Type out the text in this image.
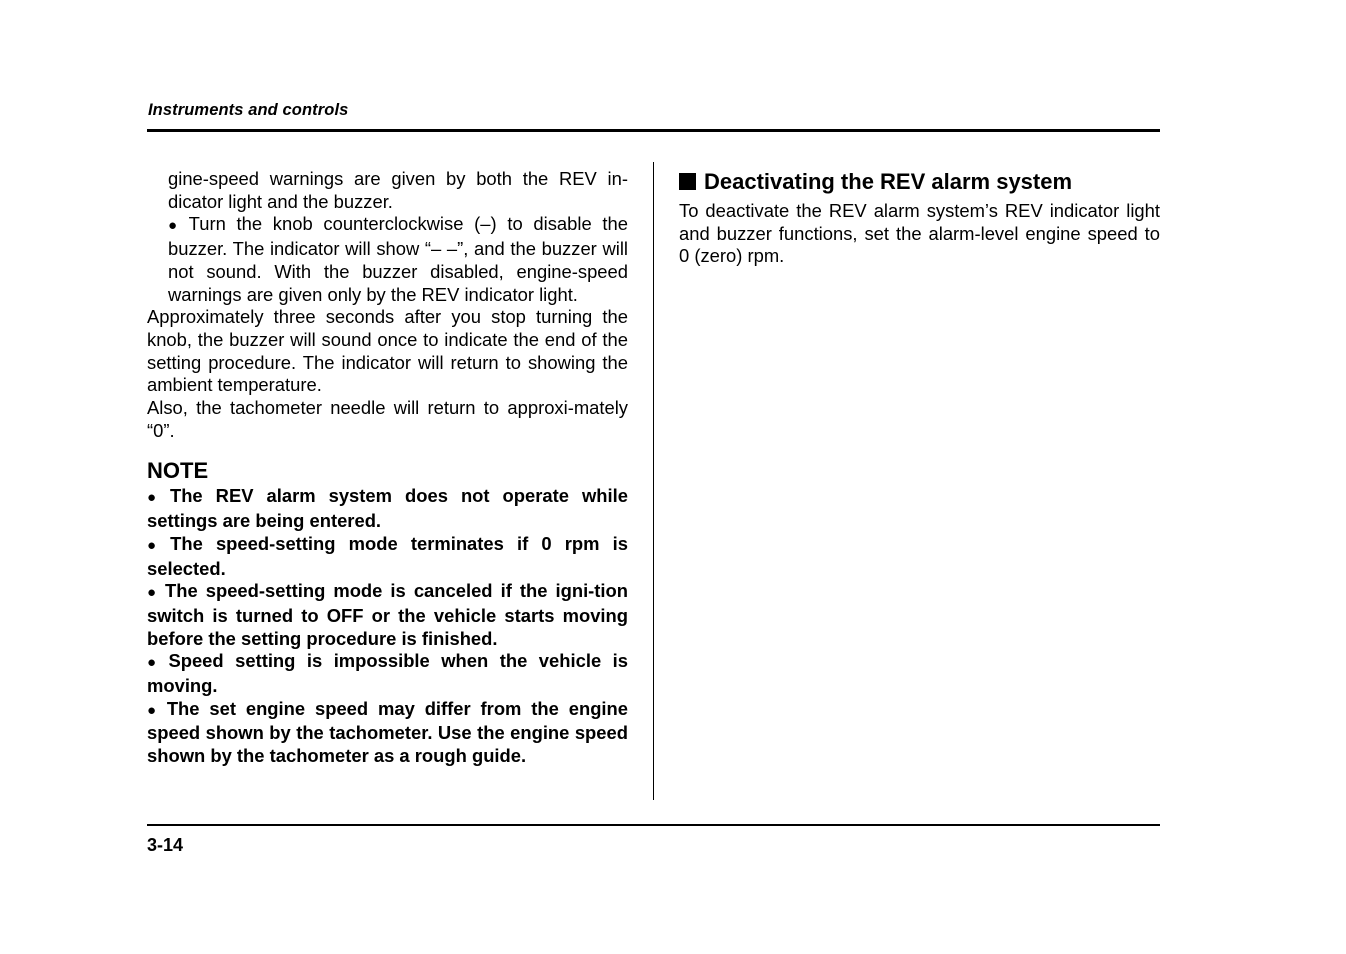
Instruments and controls

gine-speed warnings are given by both the REV in-dicator light and the buzzer.

● Turn the knob counterclockwise (–) to disable the buzzer. The indicator will show “– –”, and the buzzer will not sound. With the buzzer disabled, engine-speed warnings are given only by the REV indicator light.

Approximately three seconds after you stop turning the knob, the buzzer will sound once to indicate the end of the setting procedure. The indicator will return to showing the ambient temperature.

Also, the tachometer needle will return to approxi-mately “0”.

NOTE

● The REV alarm system does not operate while settings are being entered.

● The speed-setting mode terminates if 0 rpm is selected.

● The speed-setting mode is canceled if the igni-tion switch is turned to OFF or the vehicle starts moving before the setting procedure is finished.

● Speed setting is impossible when the vehicle is moving.

● The set engine speed may differ from the engine speed shown by the tachometer. Use the engine speed shown by the tachometer as a rough guide.

Deactivating the REV alarm system

To deactivate the REV alarm system’s REV indicator light and buzzer functions, set the alarm-level engine speed to 0 (zero) rpm.

3-14
